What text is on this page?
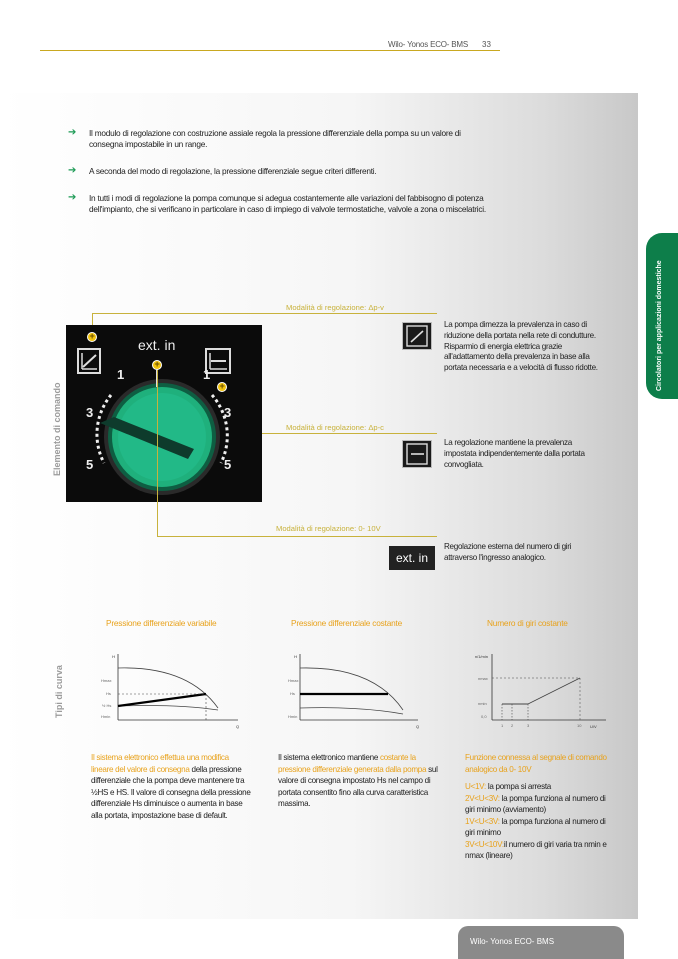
Wilo- Yonos ECO- BMS 33
Circolatori per applicazioni domestiche
➔ Il modulo di regolazione con costruzione assiale regola la pressione differenziale della pompa su un valore di consegna impostabile in un range.
➔ A seconda del modo di regolazione, la pressione differenziale segue criteri differenti.
➔ In tutti i modi di regolazione la pompa comunque si adegua costantemente alle variazioni del fabbisogno di potenza dell'impianto, che si verificano in particolare in caso di impiego di valvole termostatiche, valvole a zona o miscelatrici.
Elemento di comando
Modalità di regolazione: Δp-v
Modalità di regolazione: Δp-c
Modalità di regolazione: 0- 10V
ext. in
1
3
5
1
3
5
+
+
+
La pompa dimezza la prevalenza in caso di riduzione della portata nella rete di condutture. Risparmio di energia elettrica grazie all'adattamento della prevalenza in base alla portata necessaria e a velocità di flusso ridotte.
La regolazione mantiene la prevalenza impostata indipendentemente dalla portata convogliata.
ext. in
Regolazione esterna del numero di giri attraverso l'ingresso analogico.
Tipi di curva
Pressione differenziale variabile	Pressione differenziale costante	Numero di giri costante
H
Q
Hmax
Hs
½ Hs
Hmin
H
Q
Hmax
Hs
Hmin
n/1/min
U/V
nmax
nmin
0,0
1 2	3	10
Il sistema elettronico effettua una modifica lineare del valore di consegna della pressione differenziale che la pompa deve mantenere tra ½HS e HS. Il valore di consegna della pressione differenziale Hs diminuisce o aumenta in base alla portata, impostazione base di default.
Il sistema elettronico mantiene costante la pressione differenziale generata dalla pompa sul valore di consegna impostato Hs nel campo di portata consentito fino alla curva caratteristica massima.
Funzione connessa al segnale di comando analogico da 0- 10V
U<1V: la pompa si arresta
2V<U<3V: la pompa funziona al numero di giri minimo (avviamento)
1V<U<3V: la pompa funziona al numero di giri minimo
3V<U<10V:il numero di giri varia tra nmin e nmax (lineare)
Wilo- Yonos ECO- BMS
